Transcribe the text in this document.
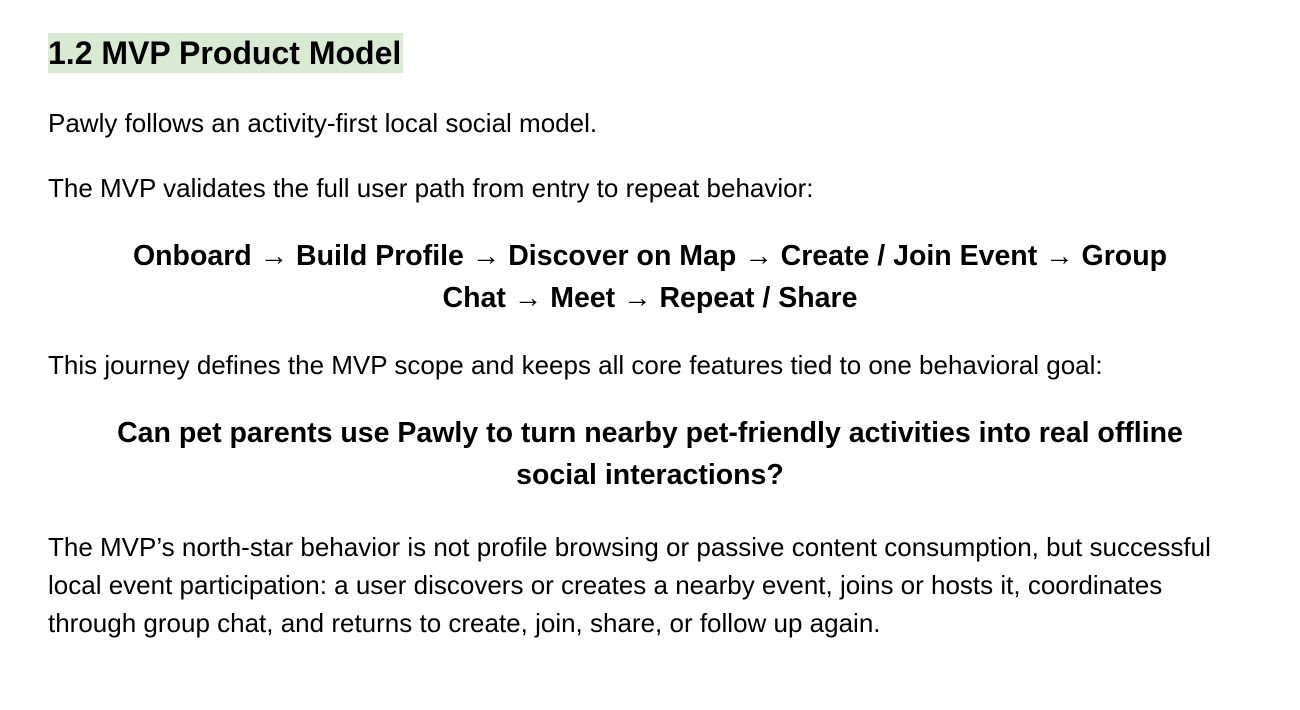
1.2 MVP Product Model

Pawly follows an activity-first local social model.

The MVP validates the full user path from entry to repeat behavior:

Onboard → Build Profile → Discover on Map → Create / Join Event → Group
Chat → Meet → Repeat / Share

This journey defines the MVP scope and keeps all core features tied to one behavioral goal:

Can pet parents use Pawly to turn nearby pet-friendly activities into real offline
social interactions?

The MVP’s north-star behavior is not profile browsing or passive content consumption, but successful local event participation: a user discovers or creates a nearby event, joins or hosts it, coordinates through group chat, and returns to create, join, share, or follow up again.
